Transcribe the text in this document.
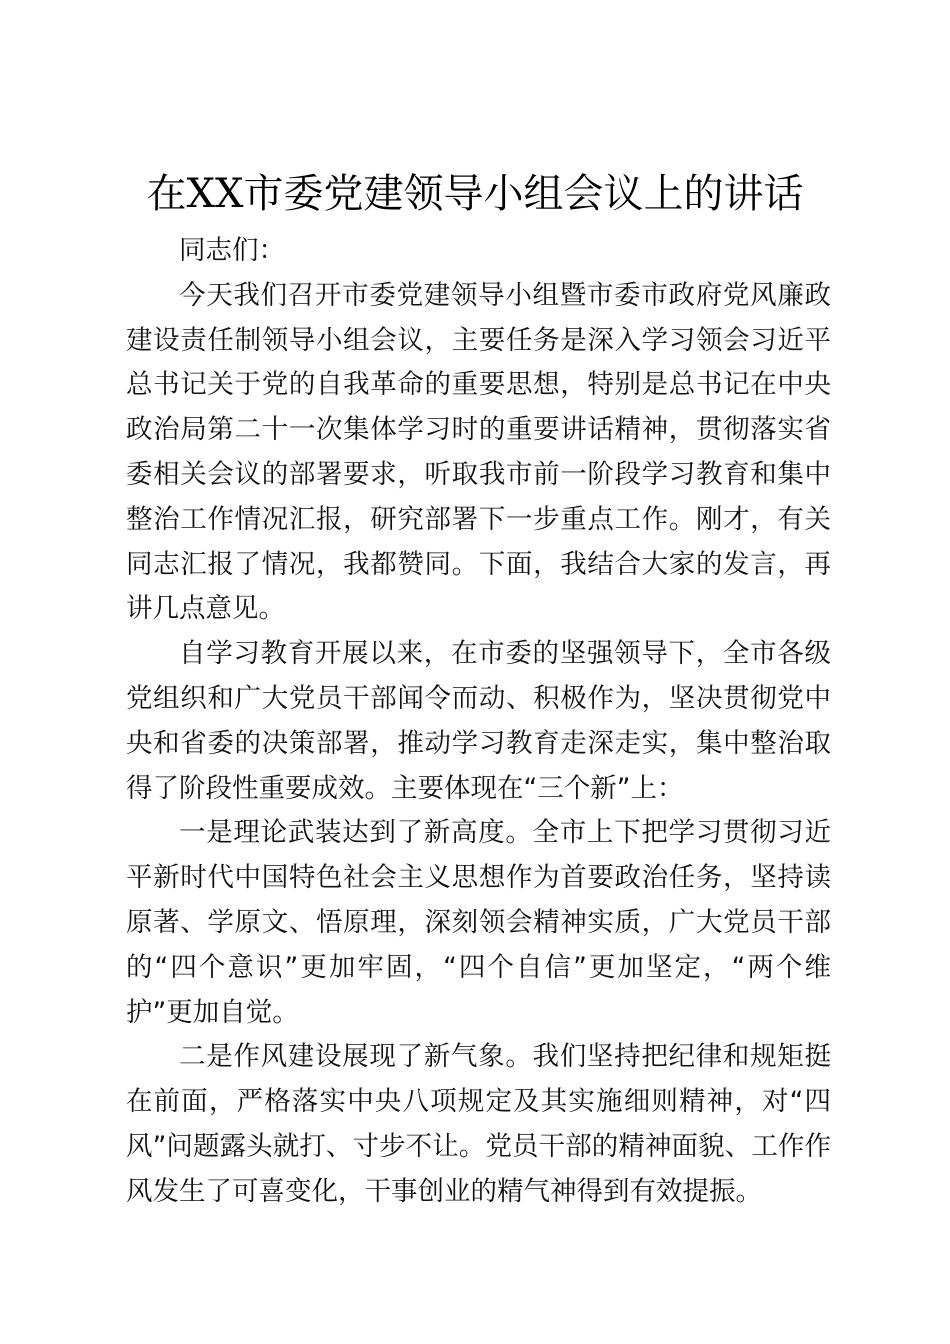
在XX市委党建领导小组会议上的讲话

同志们：

今天我们召开市委党建领导小组暨市委市政府党风廉政建设责任制领导小组会议，主要任务是深入学习领会习近平总书记关于党的自我革命的重要思想，特别是总书记在中央政治局第二十一次集体学习时的重要讲话精神，贯彻落实省委相关会议的部署要求，听取我市前一阶段学习教育和集中整治工作情况汇报，研究部署下一步重点工作。刚才，有关同志汇报了情况，我都赞同。下面，我结合大家的发言，再讲几点意见。

自学习教育开展以来，在市委的坚强领导下，全市各级党组织和广大党员干部闻令而动、积极作为，坚决贯彻党中央和省委的决策部署，推动学习教育走深走实，集中整治取得了阶段性重要成效。主要体现在“三个新”上：

一是理论武装达到了新高度。全市上下把学习贯彻习近平新时代中国特色社会主义思想作为首要政治任务，坚持读原著、学原文、悟原理，深刻领会精神实质，广大党员干部的“四个意识”更加牢固，“四个自信”更加坚定，“两个维护”更加自觉。

二是作风建设展现了新气象。我们坚持把纪律和规矩挺在前面，严格落实中央八项规定及其实施细则精神，对“四风”问题露头就打、寸步不让。党员干部的精神面貌、工作作风发生了可喜变化，干事创业的精气神得到有效提振。
